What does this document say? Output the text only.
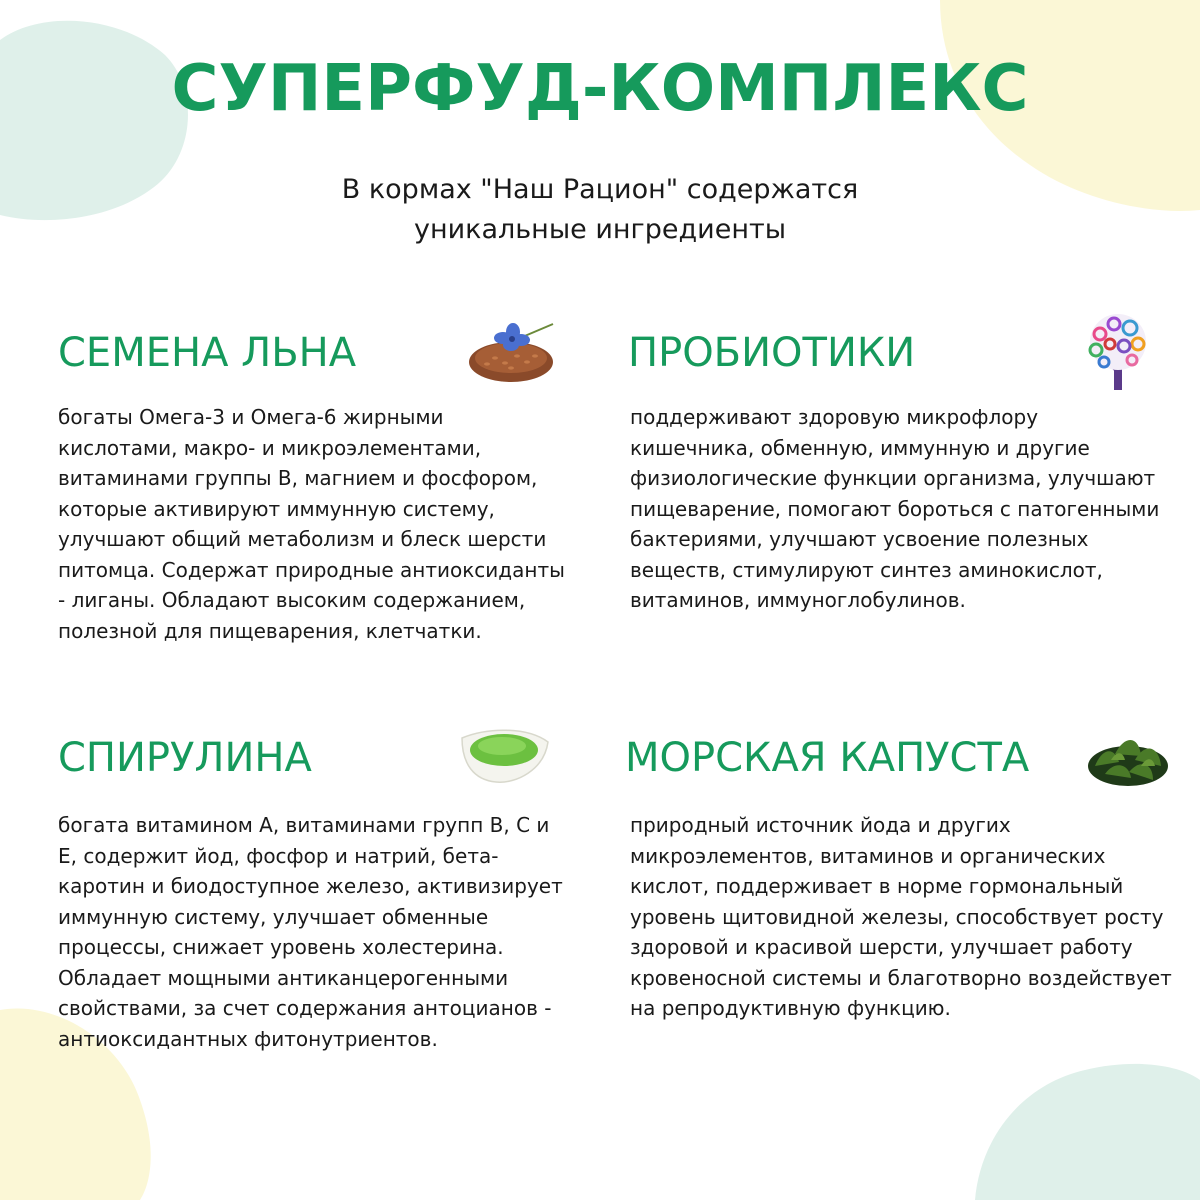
СУПЕРФУД-КОМПЛЕКС

В кормах "Наш Рацион" содержатся уникальные ингредиенты

СЕМЕНА ЛЬНА

богаты Омега-3 и Омега-6 жирными кислотами, макро- и микроэлементами, витаминами группы В, магнием и фосфором, которые активируют иммунную систему, улучшают общий метаболизм и блеск шерсти питомца. Содержат природные антиоксиданты - лиганы. Обладают высоким содержанием, полезной для пищеварения, клетчатки.

ПРОБИОТИКИ

поддерживают здоровую микрофлору кишечника, обменную, иммунную и другие физиологические функции организма, улучшают пищеварение, помогают бороться с патогенными бактериями, улучшают усвоение полезных веществ, стимулируют синтез аминокислот, витаминов, иммуноглобулинов.

СПИРУЛИНА

богата витамином А, витаминами групп В, С и Е, содержит йод, фосфор и натрий, бета-каротин и биодоступное железо, активизирует иммунную систему, улучшает обменные процессы, снижает уровень холестерина. Обладает мощными антиканцерогенными свойствами, за счет содержания антоцианов - антиоксидантных фитонутриентов.

МОРСКАЯ КАПУСТА

природный источник йода и других микроэлементов, витаминов и органических кислот, поддерживает в норме гормональный уровень щитовидной железы, способствует росту здоровой и красивой шерсти, улучшает работу кровеносной системы и благотворно воздействует на репродуктивную функцию.
